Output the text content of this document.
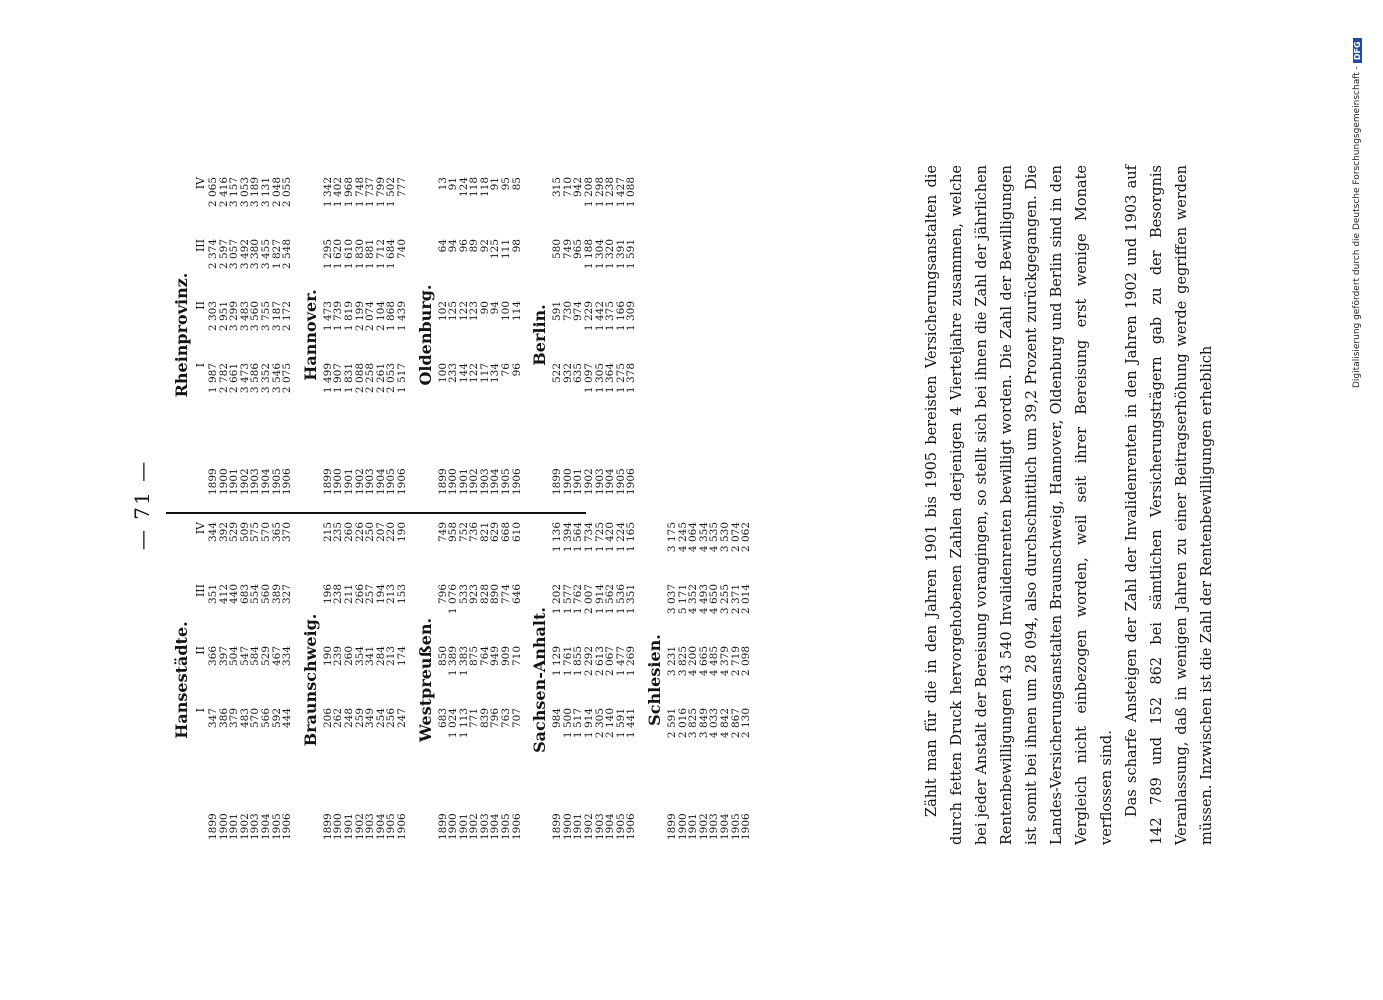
— 71 —
Hansestädte. I
II
III
IV
1899
347
366
351
344
1900
386
397
412
392
1901
379
504
440
529
1902
483
547
683
509
1903
570
584
554
575
1904
566
529
560
570
1905
592
467
389
365
1906
444
334
327
370
Braunschweig.
1899
206
190
196
215
1900
262
239
238
235
1901
248
260
211
260
1902
259
354
266
226
1903
349
341
257
250
1904
254
284
194
207
1905
256
213
213
220
1906
247
174
153
190
Westpreußen.
1899
683
850
796
749
1900
1 024
1 389
1 076
958
1901
1 113
1 383
533
752
1902
771
875
923
736
1903
839
764
828
821
1904
796
949
890
629
1905
763
909
774
668
1906
707
710
646
610
Sachsen-Anhalt.
1899
984
1 129
1 202
1 136
1900
1 500
1 761
1 577
1 394
1901
1 517
1 855
1 762
1 564
1902
1 914
2 292
2 007
1 734
1903
2 305
2 613
1 914
1 725
1904
2 140
2 067
1 562
1 420
1905
1 591
1 477
1 536
1 224
1906
1 441
1 269
1 351
1 165
Schlesien.
1899
2 591
3 231
3 037
3 175
1900
2 016
3 825
5 171
4 245
1901
3 825
4 200
4 352
4 064
1902
3 849
4 665
4 493
4 354
1903
4 033
4 485
4 650
4 535
1904
4 842
4 379
3 255
3 530
1905
2 867
2 719
2 371
2 074
1906
2 130
2 098
2 014
2 062
Rheinprovinz. I
II
III
IV
1899
1 987
2 303
2 374
2 065
1900
2 782
2 951
2 597
2 416
1901
2 661
3 299
3 057
3 157
1902
3 473
3 483
3 492
3 053
1903
3 586
3 560
3 380
3 189
1904
3 352
3 755
3 455
3 131
1905
3 546
3 187
1 827
2 048
1906
2 075
2 172
2 548
2 055
Hannover.
1899
1 499
1 473
1 295
1 342
1900
1 907
1 739
1 620
1 402
1901
1 831
1 819
1 610
1 968
1902
2 088
2 199
1 830
1 748
1903
2 258
2 074
1 881
1 737
1904
2 261
2 104
1 712
1 799
1905
2 053
1 868
1 684
1 502
1906
1 517
1 439
740
777
Oldenburg.
1899
100
102
64
13
1900
233
125
94
91
1901
144
122
96
124
1902
122
123
89
118
1903
117
90
92
118
1904
134
94
125
91
1905
76
100
111
95
1906
96
114
98
85
Berlin.
1899
522
591
580
315
1900
932
730
749
710
1901
635
974
965
942
1902
1 097
1 229
1 188
1 208
1903
1 305
1 442
1 304
1 298
1904
1 364
1 375
1 320
1 238
1905
1 275
1 166
1 391
1 427
1906
1 378
1 309
1 591
1 088	Zählt man für die in den Jahren 1901 bis 1905 bereisten Versicherungsanstalten die durch fetten Druck hervorgehobenen Zahlen derjenigen 4 Vierteljahre zusammen, welche bei jeder Anstalt der Bereisung vorangingen, so stellt sich bei ihnen die Zahl der jährlichen Rentenbewilligungen 43 540 Invalidenrenten bewilligt worden. Die Zahl der Bewilligungen ist somit bei ihnen um 28 094, also durchschnittlich um 39,2 Prozent zurückgegangen. Die Landes-Versicherungsanstalten Braunschweig, Hannover, Oldenburg und Berlin sind in den Vergleich nicht einbezogen worden, weil seit ihrer Bereisung erst wenige Monate verflossen sind. Das scharfe Ansteigen der Zahl der Invalidenrenten in den Jahren 1902 und 1903 auf 142 789 und 152 862 bei sämtlichen Versicherungsträgern gab zu der Besorgnis Veranlassung, daß in wenigen Jahren zu einer Beitragserhöhung werde gegriffen werden müssen. Inzwischen ist die Zahl der Rentenbewilligungen erheblich

Digitalisierung gefördert durch die Deutsche Forschungsgemeinschaft -
DFG
